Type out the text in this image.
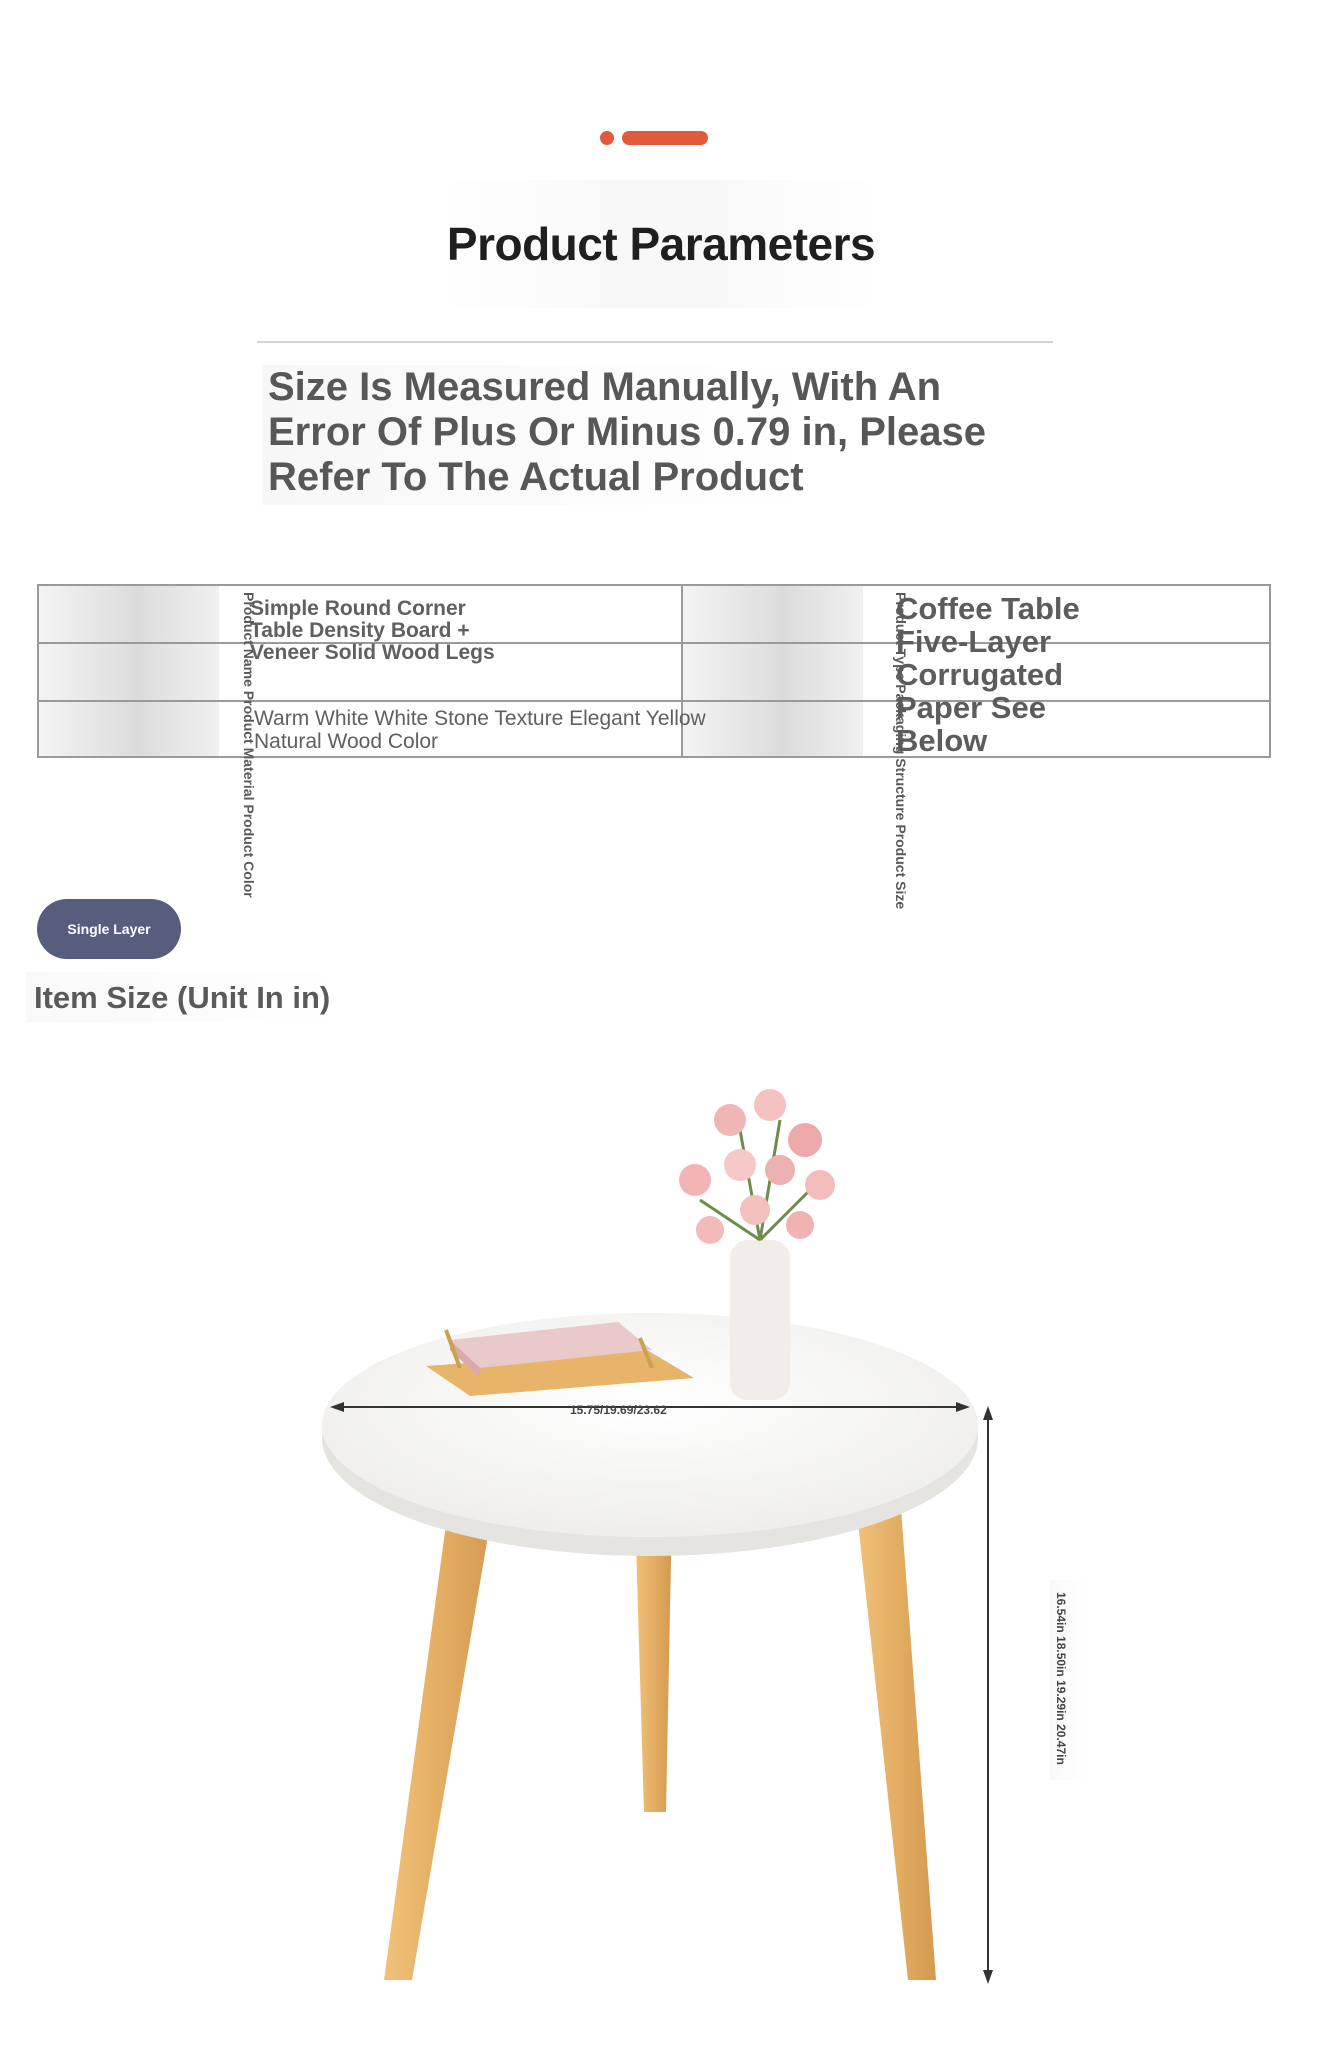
Product Parameters

Size Is Measured Manually, With An Error Of Plus Or Minus 0.79 in, Please Refer To The Actual Product

Product Name Product Material Product Color
Simple Round Corner Table Density Board + Veneer Solid Wood Legs
Warm White White Stone Texture Elegant Yellow Natural Wood Color	Product Type Packaging Structure Product Size
Coffee Table Five-Layer Corrugated Paper See Below
Single Layer
Item Size (Unit In in)
15.75/19.69/23.62
16.54in 18.50in 19.29in 20.47in
